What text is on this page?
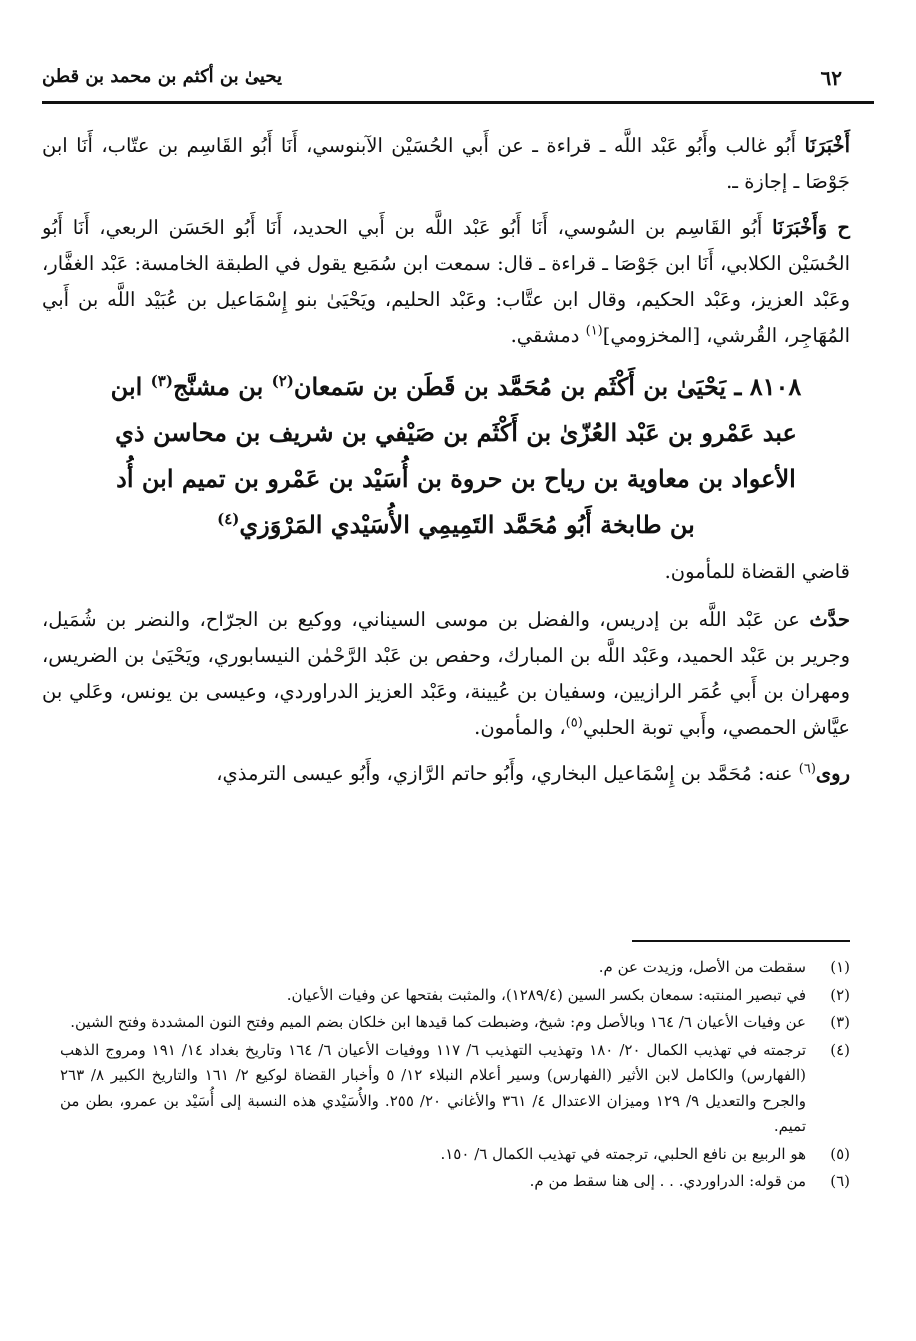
٦٢
يحيىٰ بن أكثم بن محمد بن قطن

أَخْبَرَنَا أَبُو غالب وأَبُو عَبْد اللَّه ـ قراءة ـ عن أَبي الحُسَيْن الآبنوسي، أَنَا أَبُو القَاسِم بن عتّاب، أَنَا ابن جَوْصَا ـ إجازة ـ.

ح وَأَخْبَرَنَا أَبُو القَاسِم بن السُوسي، أَنَا أَبُو عَبْد اللَّه بن أَبي الحديد، أَنَا أَبُو الحَسَن الربعي، أَنَا أَبُو الحُسَيْن الكلابي، أَنَا ابن جَوْصَا ـ قراءة ـ قال: سمعت ابن سُمَيع يقول في الطبقة الخامسة: عَبْد الغفَّار، وعَبْد العزيز، وعَبْد الحكيم، وقال ابن عتَّاب: وعَبْد الحليم، ويَحْيَىٰ بنو إِسْمَاعيل بن عُبَيْد اللَّه بن أَبي المُهَاجِر، القُرشي، [المخزومي]$^{(١)}$ دمشقي.

٨١٠٨ ـ يَحْيَىٰ بن أَكْثَم بن مُحَمَّد بن قَطَن بن سَمعان$^{(٢)}$ بن مشنَّج$^{(٣)}$ ابن عبد عَمْرو بن عَبْد العُزّىٰ بن أَكْثَم بن صَيْفي بن شريف بن محاسن ذي الأعواد بن معاوية بن رياح بن حروة بن أُسَيْد بن عَمْرو بن تميم ابن أُد بن طابخة أَبُو مُحَمَّد التَمِيمِي الأُسَيْدي المَرْوَزي$^{(٤)}$

قاضي القضاة للمأمون.

حدَّث عن عَبْد اللَّه بن إدريس، والفضل بن موسى السيناني، ووكيع بن الجرّاح، والنضر بن شُمَيل، وجرير بن عَبْد الحميد، وعَبْد اللَّه بن المبارك، وحفص بن عَبْد الرَّحْمٰن النيسابوري، ويَحْيَىٰ بن الضريس، ومهران بن أَبي عُمَر الرازيين، وسفيان بن عُيينة، وعَبْد العزيز الدراوردي، وعيسى بن يونس، وعَلي بن عيَّاش الحمصي، وأَبي توبة الحلبي$^{(٥)}$، والمأمون.

روى$^{(٦)}$ عنه: مُحَمَّد بن إِسْمَاعيل البخاري، وأَبُو حاتم الرَّازي، وأَبُو عيسى الترمذي،

(١)
سقطت من الأصل، وزيدت عن م.
(٢)
في تبصير المنتبه: سمعان بكسر السين (١٢٨٩/٤)، والمثبت بفتحها عن وفيات الأعيان.
(٣)
عن وفيات الأعيان ٦/ ١٦٤ وبالأصل وم: شيخ، وضبطت كما قيدها ابن خلكان بضم الميم وفتح النون المشددة وفتح الشين.
(٤)
ترجمته في تهذيب الكمال ٢٠/ ١٨٠ وتهذيب التهذيب ٦/ ١١٧ ووفيات الأعيان ٦/ ١٦٤ وتاريخ بغداد ١٤/ ١٩١ ومروج الذهب (الفهارس) والكامل لابن الأثير (الفهارس) وسير أعلام النبلاء ١٢/ ٥ وأخبار القضاة لوكيع ٢/ ١٦١ والتاريخ الكبير ٨/ ٢٦٣ والجرح والتعديل ٩/ ١٢٩ وميزان الاعتدال ٤/ ٣٦١ والأغاني ٢٠/ ٢٥٥. والأُسَيْدي هذه النسبة إلى أُسَيْد بن عمرو، بطن من تميم.
(٥)
هو الربيع بن نافع الحلبي، ترجمته في تهذيب الكمال ٦/ ١٥٠.
(٦)
من قوله: الدراوردي. . . إلى هنا سقط من م.
